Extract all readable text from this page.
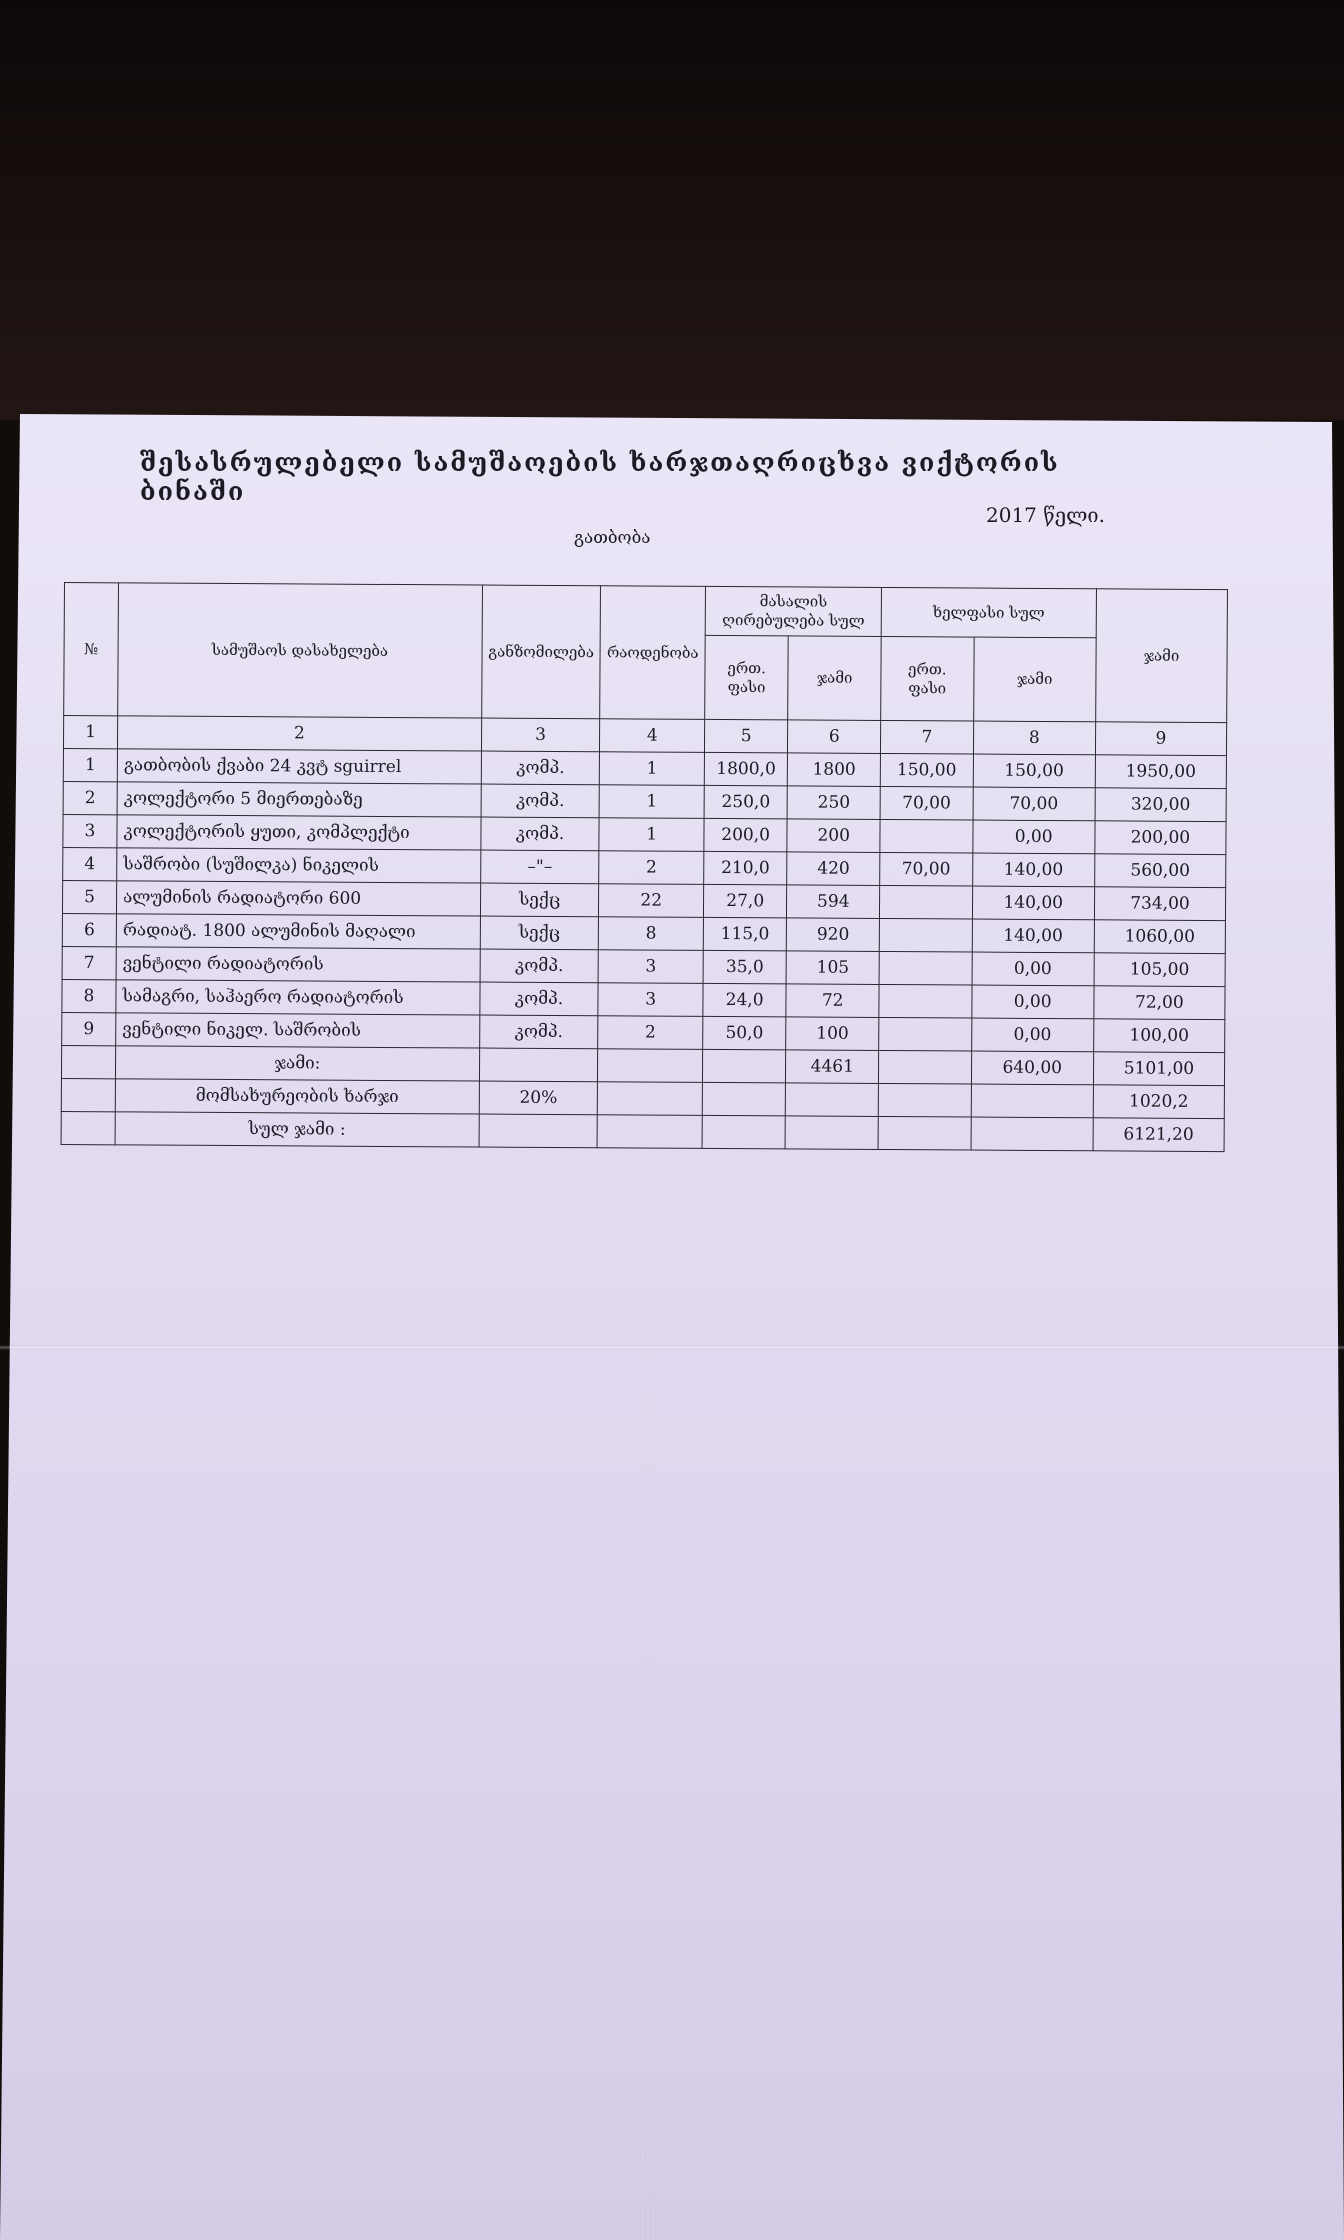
შესასრულებელი სამუშაოების ხარჯთაღრიცხვა ვიქტორის ბინაში
2017 წელი.
გათბობა
№	სამუშაოს დასახელება	განზომილება	რაოდენობა	მასალის ღირებულება სულ		ხელფასი სულ		ჯამი
				ერთ. ფასი	ჯამი	ერთ. ფასი	ჯამი	
1	2	3	4	5	6	7	8	9
1	გათბობის ქვაბი 24 კვტ sguirrel	კომპ.	1	1800,0	1800	150,00	150,00	1950,00
2	კოლექტორი 5 მიერთებაზე	კომპ.	1	250,0	250	70,00	70,00	320,00
3	კოლექტორის ყუთი, კომპლექტი	კომპ.	1	200,0	200		0,00	200,00
4	საშრობი (სუშილკა) ნიკელის	–"–	2	210,0	420	70,00	140,00	560,00
5	ალუმინის რადიატორი 600	სექც	22	27,0	594		140,00	734,00
6	რადიატ. 1800 ალუმინის მაღალი	სექც	8	115,0	920		140,00	1060,00
7	ვენტილი რადიატორის	კომპ.	3	35,0	105		0,00	105,00
8	სამაგრი, საჰაერო რადიატორის	კომპ.	3	24,0	72		0,00	72,00
9	ვენტილი ნიკელ. საშრობის	კომპ.	2	50,0	100		0,00	100,00
	ჯამი:				4461		640,00	5101,00
	მომსახურეობის ხარჯი	20%						1020,2
	სულ ჯამი :							6121,20
